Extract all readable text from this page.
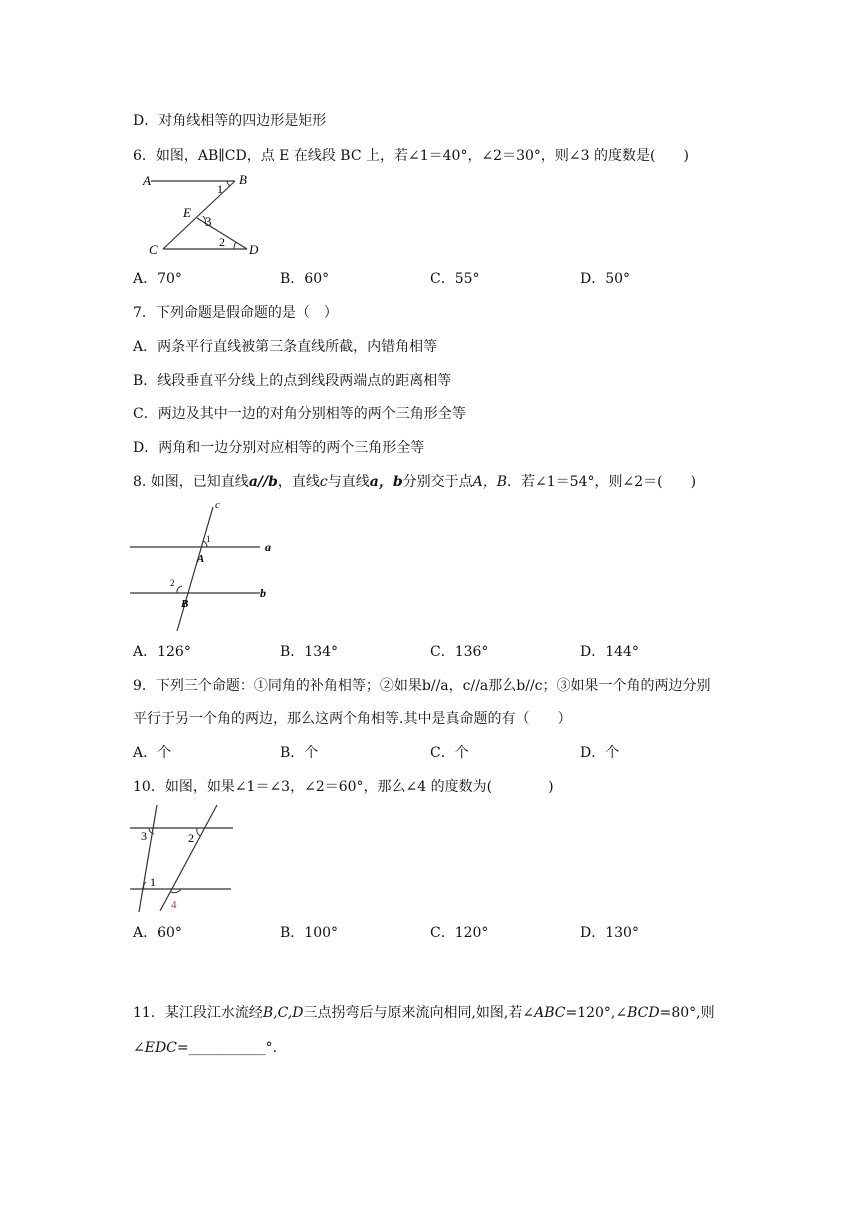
D．对角线相等的四边形是矩形
6．如图，AB∥CD，点 E 在线段 BC 上，若∠1＝40°，∠2＝30°，则∠3 的度数是(　　)
A	B
C	D
E
1
2
3
A．70°	B．60°	C．55°	D．50°
7．下列命题是假命题的是（　）
A．两条平行直线被第三条直线所截，内错角相等
B．线段垂直平分线上的点到线段两端点的距离相等
C．两边及其中一边的对角分别相等的两个三角形全等
D．两角和一边分别对应相等的两个三角形全等
8. 如图，已知直线a//b，直线c与直线a，b分别交于点A，B．若∠1＝54°，则∠2＝(　　)
c
a
b
A
B
1
2
A．126°	B．134°	C．136°	D．144°
9．下列三个命题：①同角的补角相等；②如果b//a，c//a那么b//c；③如果一个角的两边分别
平行于另一个角的两边，那么这两个角相等.其中是真命题的有（　　）
A．个	B．个	C．个	D．个
10．如图，如果∠1＝∠3，∠2＝60°，那么∠4 的度数为(　　　　)
3	2
1
4
A．60°	B．100°	C．120°	D．130°
11．某江段江水流经B,C,D三点拐弯后与原来流向相同,如图,若∠ABC=120°,∠BCD=80°,则
∠EDC=___________°.
